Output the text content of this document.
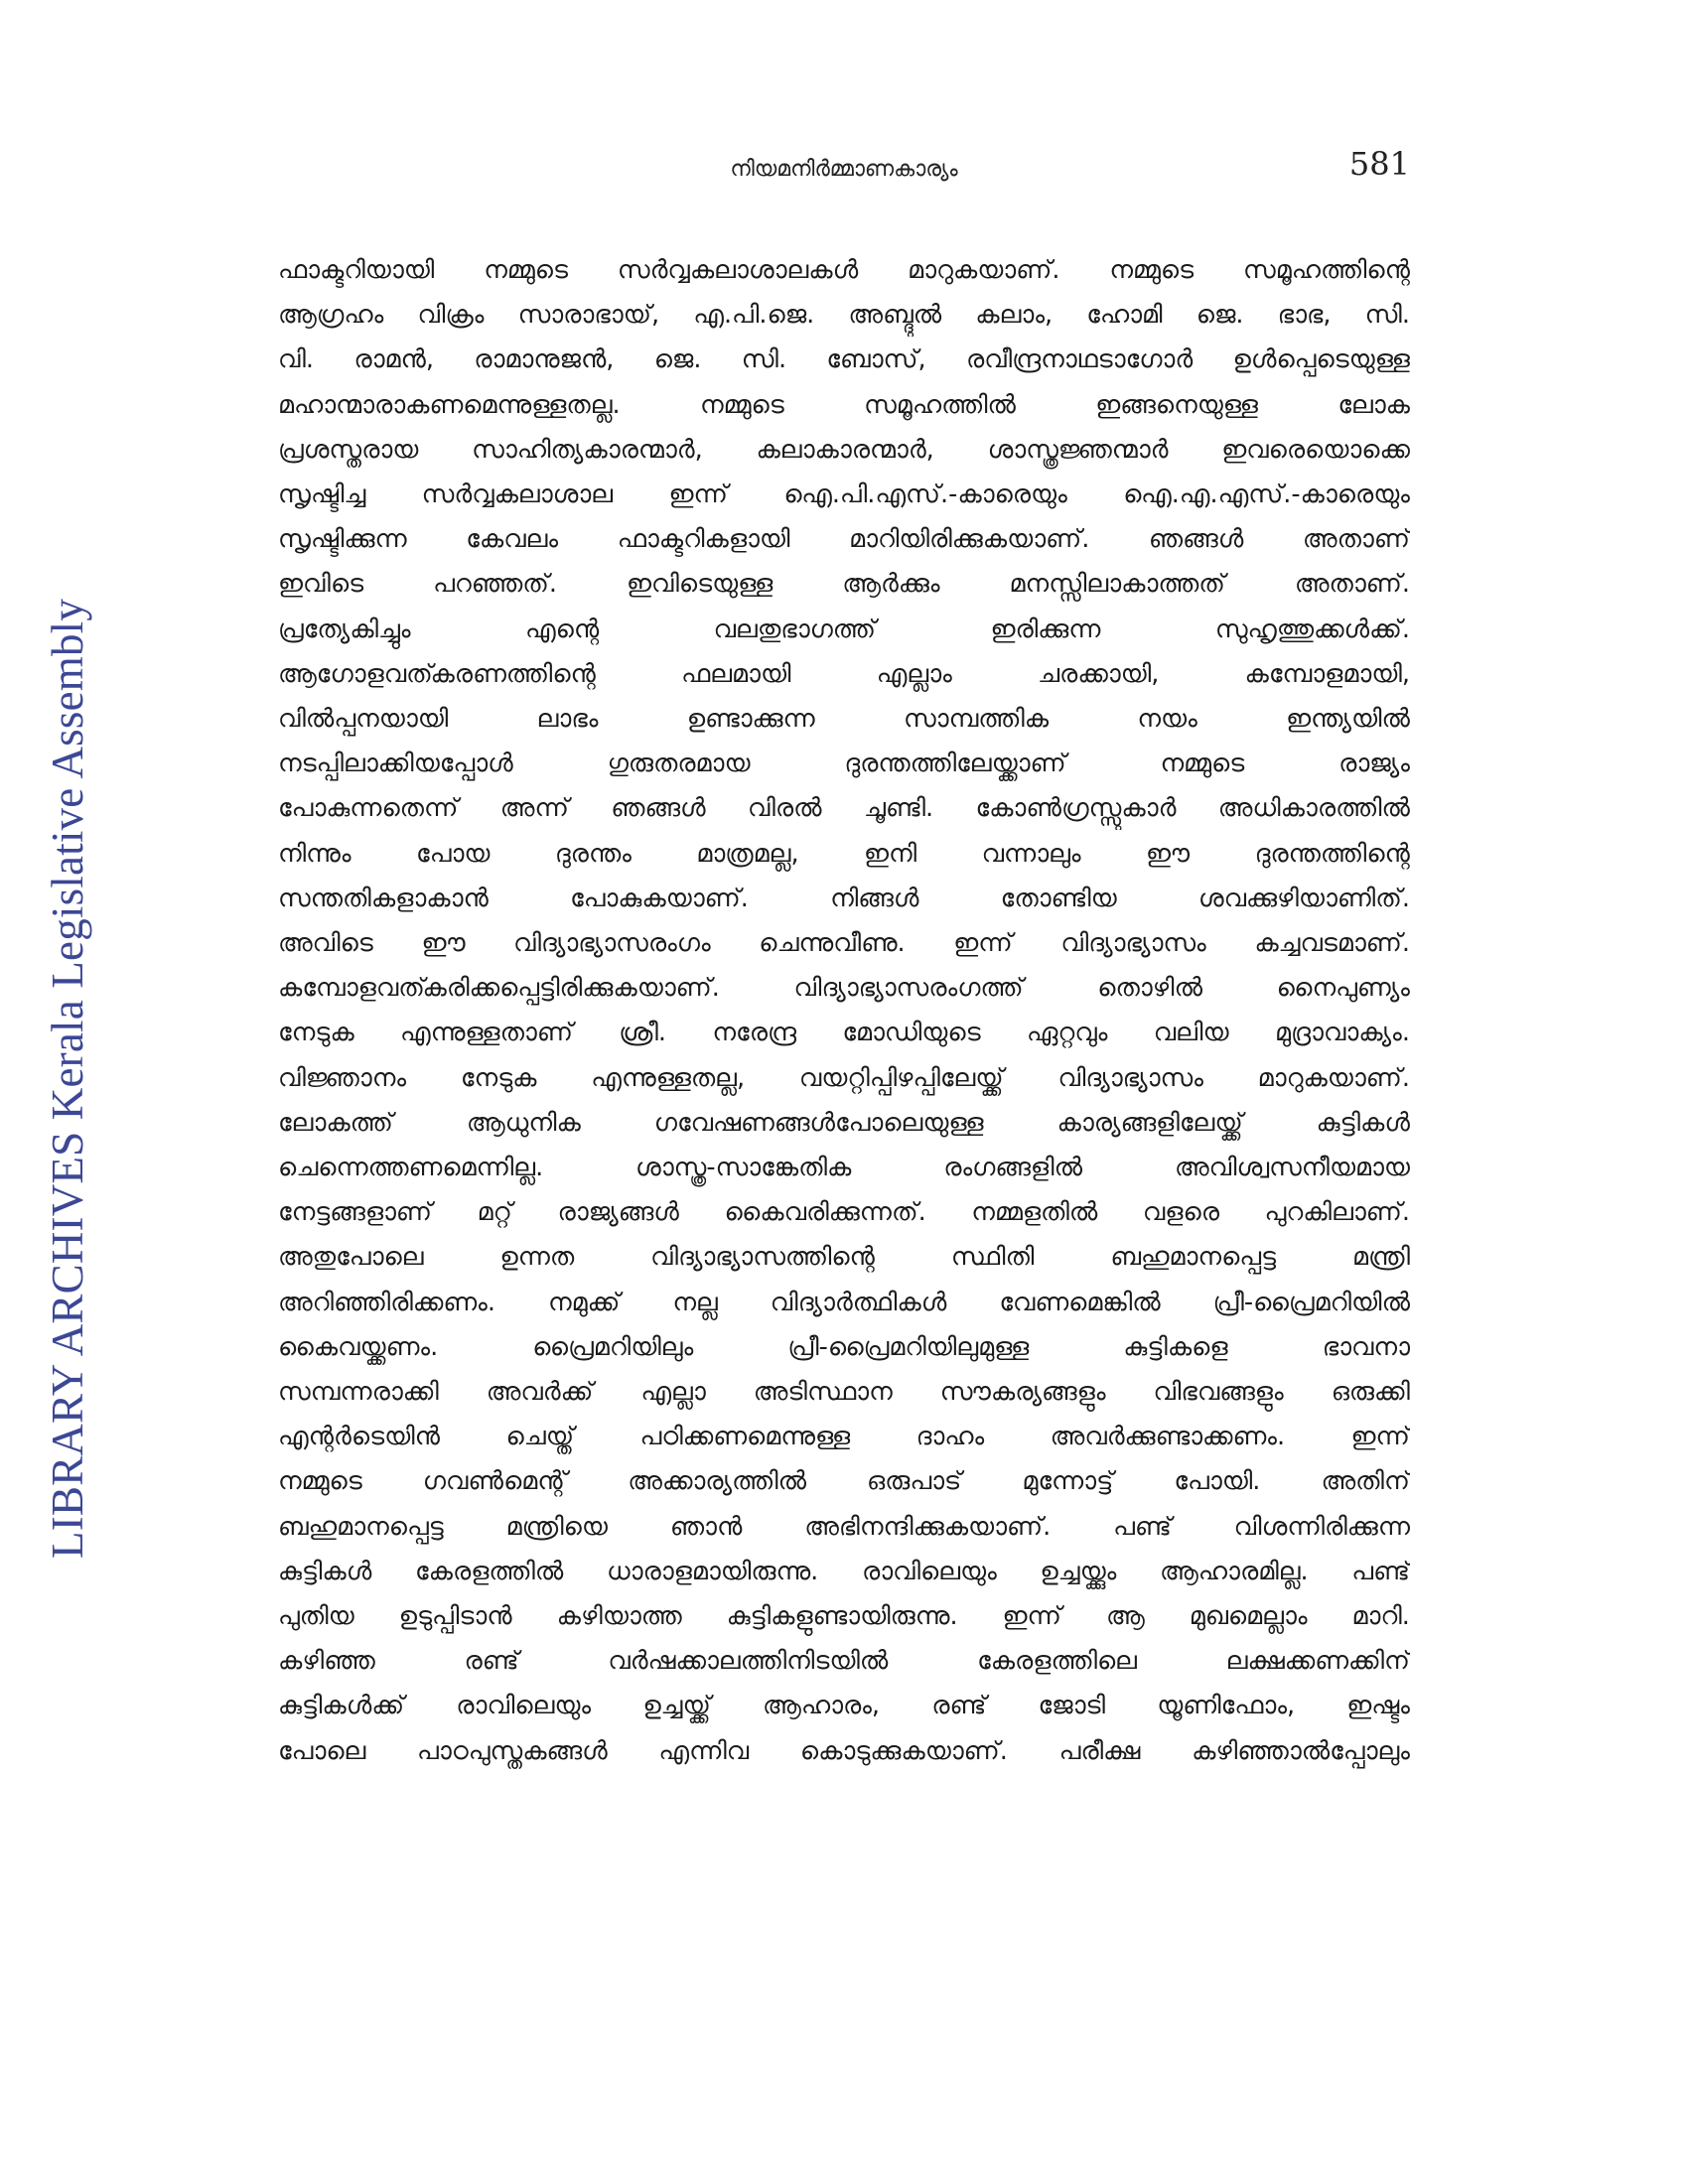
നിയമനിർമ്മാണകാര്യം	581
LIBRARY ARCHIVES Kerala Legislative Assembly
ഫാക്ടറിയായി നമ്മുടെ സർവ്വകലാശാലകൾ മാറുകയാണ്. നമ്മുടെ സമൂഹത്തിന്റെ
ആഗ്രഹം വിക്രം സാരാഭായ്, എ.പി.ജെ. അബ്ദുൽ കലാം, ഹോമി ജെ. ഭാഭ, സി.
വി. രാമൻ, രാമാനുജൻ, ജെ. സി. ബോസ്, രവീന്ദ്രനാഥടാഗോർ ഉൾപ്പെടെയുള്ള
മഹാന്മാരാകണമെന്നുള്ളതല്ല.	നമ്മുടെ	സമൂഹത്തിൽ	ഇങ്ങനെയുള്ള	ലോക
പ്രശസ്തരായ സാഹിത്യകാരന്മാർ, കലാകാരന്മാർ, ശാസ്ത്രജ്ഞന്മാർ ഇവരെയൊക്കെ
സൃഷ്ടിച്ച സർവ്വകലാശാല ഇന്ന് ഐ.പി.എസ്.-കാരെയും ഐ.എ.എസ്.-കാരെയും
സൃഷ്ടിക്കുന്ന കേവലം ഫാക്ടറികളായി മാറിയിരിക്കുകയാണ്. ഞങ്ങൾ അതാണ്
ഇവിടെ	പറഞ്ഞത്.	ഇവിടെയുള്ള	ആർക്കും	മനസ്സിലാകാത്തത്	അതാണ്.
പ്രത്യേകിച്ചും	എന്റെ	വലതുഭാഗത്ത്	ഇരിക്കുന്ന	സുഹൃത്തുക്കൾക്ക്.
ആഗോളവത്കരണത്തിന്റെ	ഫലമായി	എല്ലാം	ചരക്കായി,	കമ്പോളമായി,
വിൽപ്പനയായി	ലാഭം	ഉണ്ടാക്കുന്ന	സാമ്പത്തിക	നയം	ഇന്ത്യയിൽ
നടപ്പിലാക്കിയപ്പോൾ	ഗുരുതരമായ	ദുരന്തത്തിലേയ്ക്കാണ്	നമ്മുടെ	രാജ്യം
പോകുന്നതെന്ന് അന്ന് ഞങ്ങൾ വിരൽ ചൂണ്ടി. കോൺഗ്രസ്സുകാർ അധികാരത്തിൽ
നിന്നും	പോയ	ദുരന്തം	മാത്രമല്ല,	ഇനി	വന്നാലും	ഈ	ദുരന്തത്തിന്റെ
സന്തതികളാകാൻ	പോകുകയാണ്.	നിങ്ങൾ	തോണ്ടിയ	ശവക്കുഴിയാണിത്.
അവിടെ ഈ വിദ്യാഭ്യാസരംഗം ചെന്നുവീണു. ഇന്ന് വിദ്യാഭ്യാസം കച്ചവടമാണ്.
കമ്പോളവത്കരിക്കപ്പെട്ടിരിക്കുകയാണ്.	വിദ്യാഭ്യാസരംഗത്ത്	തൊഴിൽ	നൈപുണ്യം
നേടുക എന്നുള്ളതാണ് ശ്രീ. നരേന്ദ്ര മോഡിയുടെ ഏറ്റവും വലിയ മുദ്രാവാക്യം.
വിജ്ഞാനം നേടുക എന്നുള്ളതല്ല, വയറ്റിപ്പിഴപ്പിലേയ്ക്ക് വിദ്യാഭ്യാസം മാറുകയാണ്.
ലോകത്ത്	ആധുനിക	ഗവേഷണങ്ങൾപോലെയുള്ള	കാര്യങ്ങളിലേയ്ക്ക്	കുട്ടികൾ
ചെന്നെത്തണമെന്നില്ല.	ശാസ്ത്ര-സാങ്കേതിക	രംഗങ്ങളിൽ	അവിശ്വസനീയമായ
നേട്ടങ്ങളാണ് മറ്റ് രാജ്യങ്ങൾ കൈവരിക്കുന്നത്. നമ്മളതിൽ വളരെ പുറകിലാണ്.
അതുപോലെ	ഉന്നത	വിദ്യാഭ്യാസത്തിന്റെ	സ്ഥിതി	ബഹുമാനപ്പെട്ട	മന്ത്രി
അറിഞ്ഞിരിക്കണം. നമുക്ക് നല്ല വിദ്യാർത്ഥികൾ വേണമെങ്കിൽ പ്രീ-പ്രൈമറിയിൽ
കൈവയ്ക്കണം.	പ്രൈമറിയിലും	പ്രീ-പ്രൈമറിയിലുമുള്ള	കുട്ടികളെ	ഭാവനാ
സമ്പന്നരാക്കി അവർക്ക് എല്ലാ അടിസ്ഥാന സൗകര്യങ്ങളും വിഭവങ്ങളും ഒരുക്കി
എന്റർടെയിൻ	ചെയ്ത്	പഠിക്കണമെന്നുള്ള	ദാഹം	അവർക്കുണ്ടാക്കണം.	ഇന്ന്
നമ്മുടെ ഗവൺമെന്റ് അക്കാര്യത്തിൽ ഒരുപാട് മുന്നോട്ട് പോയി. അതിന്
ബഹുമാനപ്പെട്ട മന്ത്രിയെ ഞാൻ അഭിനന്ദിക്കുകയാണ്. പണ്ട് വിശന്നിരിക്കുന്ന
കുട്ടികൾ കേരളത്തിൽ ധാരാളമായിരുന്നു. രാവിലെയും ഉച്ചയ്ക്കും ആഹാരമില്ല. പണ്ട്
പുതിയ ഉടുപ്പിടാൻ കഴിയാത്ത കുട്ടികളുണ്ടായിരുന്നു. ഇന്ന് ആ മുഖമെല്ലാം മാറി.
കഴിഞ്ഞ	രണ്ട്	വർഷക്കാലത്തിനിടയിൽ	കേരളത്തിലെ	ലക്ഷക്കണക്കിന്
കുട്ടികൾക്ക് രാവിലെയും ഉച്ചയ്ക്ക് ആഹാരം, രണ്ട് ജോടി യൂണിഫോം, ഇഷ്ടം
പോലെ പാഠപുസ്തകങ്ങൾ എന്നിവ കൊടുക്കുകയാണ്. പരീക്ഷ കഴിഞ്ഞാൽപ്പോലും
